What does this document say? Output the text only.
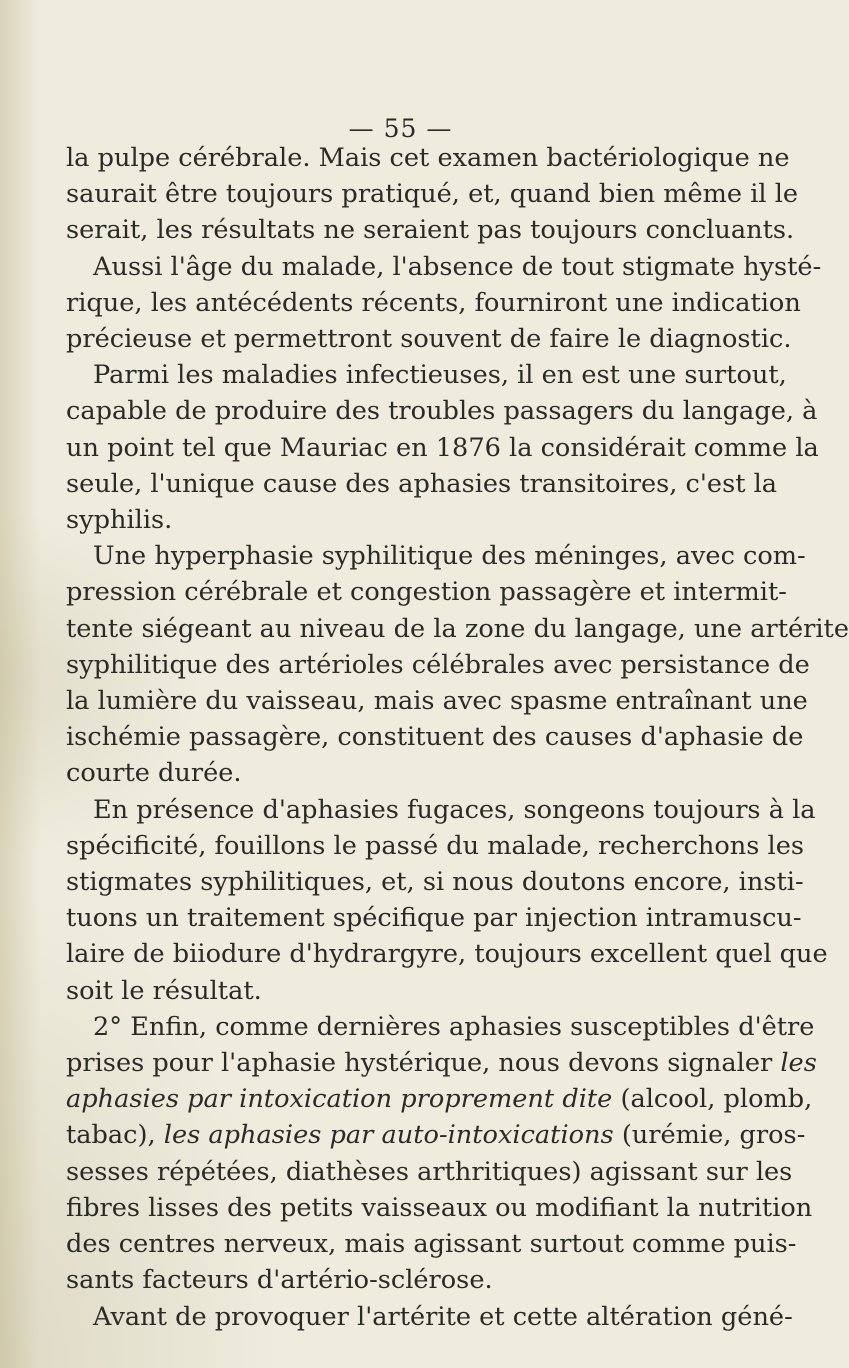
— 55 —
la pulpe cérébrale. Mais cet examen bactériologique ne
saurait être toujours pratiqué, et, quand bien même il le
serait, les résultats ne seraient pas toujours concluants.
Aussi l'âge du malade, l'absence de tout stigmate hysté-
rique, les antécédents récents, fourniront une indication
précieuse et permettront souvent de faire le diagnostic.
Parmi les maladies infectieuses, il en est une surtout,
capable de produire des troubles passagers du langage, à
un point tel que Mauriac en 1876 la considérait comme la
seule, l'unique cause des aphasies transitoires, c'est la
syphilis.
Une hyperphasie syphilitique des méninges, avec com-
pression cérébrale et congestion passagère et intermit-
tente siégeant au niveau de la zone du langage, une artérite
syphilitique des artérioles célébrales avec persistance de
la lumière du vaisseau, mais avec spasme entraînant une
ischémie passagère, constituent des causes d'aphasie de
courte durée.
En présence d'aphasies fugaces, songeons toujours à la
spécificité, fouillons le passé du malade, recherchons les
stigmates syphilitiques, et, si nous doutons encore, insti-
tuons un traitement spécifique par injection intramuscu-
laire de biiodure d'hydrargyre, toujours excellent quel que
soit le résultat.
2° Enfin, comme dernières aphasies susceptibles d'être
prises pour l'aphasie hystérique, nous devons signaler les
aphasies par intoxication proprement dite (alcool, plomb,
tabac), les aphasies par auto-intoxications (urémie, gros-
sesses répétées, diathèses arthritiques) agissant sur les
fibres lisses des petits vaisseaux ou modifiant la nutrition
des centres nerveux, mais agissant surtout comme puis-
sants facteurs d'artério-sclérose.
Avant de provoquer l'artérite et cette altération géné-
